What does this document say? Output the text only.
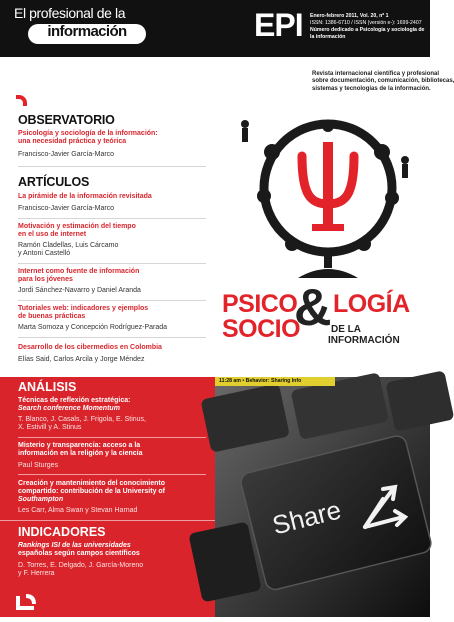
El profesional de la
información	EPI Enero-febrero 2011, Vol. 20, nº 1
ISSN: 1386-6710 / ISSN (versión e-): 1699-2407
Número dedicado a Psicología y sociología de
la información
Revista internacional científica y profesional
sobre documentación, comunicación, bibliotecas,
sistemas y tecnologías de la información.
PSICO
SOCIO
& LOGÍA
DE LA
INFORMACIÓN
OBSERVATORIO
Psicología y sociología de la información:
una necesidad práctica y teórica
Francisco-Javier García-Marco
ARTÍCULOS
La pirámide de la información revisitada
Francisco-Javier García-Marco
Motivación y estimación del tiempo
en el uso de internet
Ramón Cladellas, Luis Cárcamo
y Antoni Castelló
Internet como fuente de información
para los jóvenes
Jordi Sánchez-Navarro y Daniel Aranda
Tutoriales web: indicadores y ejemplos
de buenas prácticas
Marta Somoza y Concepción Rodríguez-Parada
Desarrollo de los cibermedios en Colombia
Elías Said, Carlos Arcila y Jorge Méndez
ANÁLISIS
Técnicas de reflexión estratégica:
Search conference Momentum
T. Blanco, J. Casals, J. Frigola, E. Stinus,
X. Estivill y A. Stinus
Misterio y transparencia: acceso a la
información en la religión y la ciencia
Paul Sturges
Creación y mantenimiento del conocimiento
compartido: contribución de la University of
Southampton
Les Carr, Alma Swan y Stevan Harnad
INDICADORES
Rankings ISI de las universidades
españolas según campos científicos
D. Torres, E. Delgado, J. García-Moreno
y F. Herrera
Share
11:28 am • Behavior: Sharing Info
